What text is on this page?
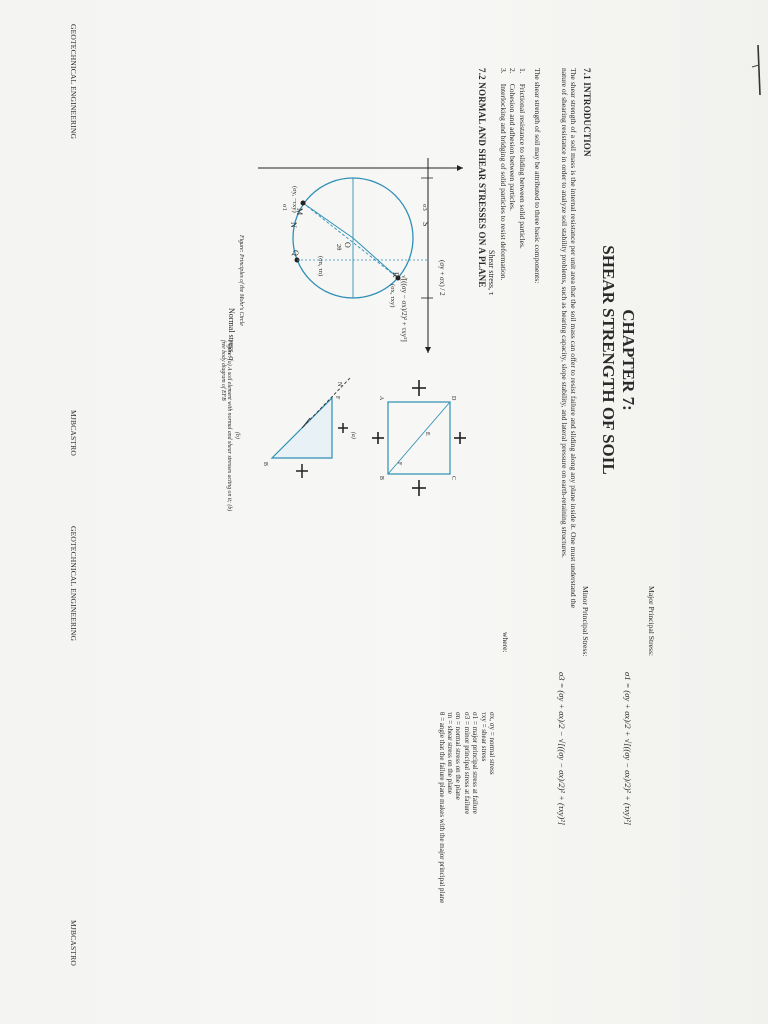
CHAPTER 7:
SHEAR STRENGTH OF SOIL
7.1 INTRODUCTION
The shear strength of a soil mass is the internal resistance per unit area that the soil mass can offer to resist failure and sliding along any plane inside it. One must understand the nature of shearing resistance in order to analyze soil stability problems, such as bearing capacity, slope stability, and lateral pressure on earth-retaining structures.
The shear strength of soil may be attributed to three basic components:
1.
Frictional resistance to sliding between solid particles.
2.
Cohesion and adhesion between particles.
3.
Interlocking and bridging of solid particles to resist deformation.
7.2 NORMAL AND SHEAR STRESSES ON A PLANE
D
C
A
B
E
F
(a)
F
B
N
(b)
Figure: (a) A soil element with normal and shear stresses acting on it; (b) free body diagram of EFB
Shear stress, τ
Normal stress, σ
(σy + σx) / 2
√[((σy − σx)/2)² + τxy²]
R
(σx, τxy)
M
(σy, −τxy)
Q
(σn, τn)
O
S
N
σ3
σ1
2θ
Figure: Principles of the Mohr's Circle
GEOTECHNICAL ENGINEERING
MJBCASTRO
Major Principal Stress:
σ1 = (σy + σx)/2 + √[((σy − σx)/2)² + (τxy)²]
Minor Principal Stress:
σ3 = (σy + σx)/2 − √[((σy − σx)/2)² + (τxy)²]
where:
σx, σy = normal stress
τxy = shear stress
σ1 = major principal stress at failure
σ3 = minor principal stress at failure
σn = normal stress on the plane
τn = shear stress on the plane
θ = angle that the failure plane makes with the major principal plane
GEOTECHNICAL ENGINEERING
MJBCASTRO
